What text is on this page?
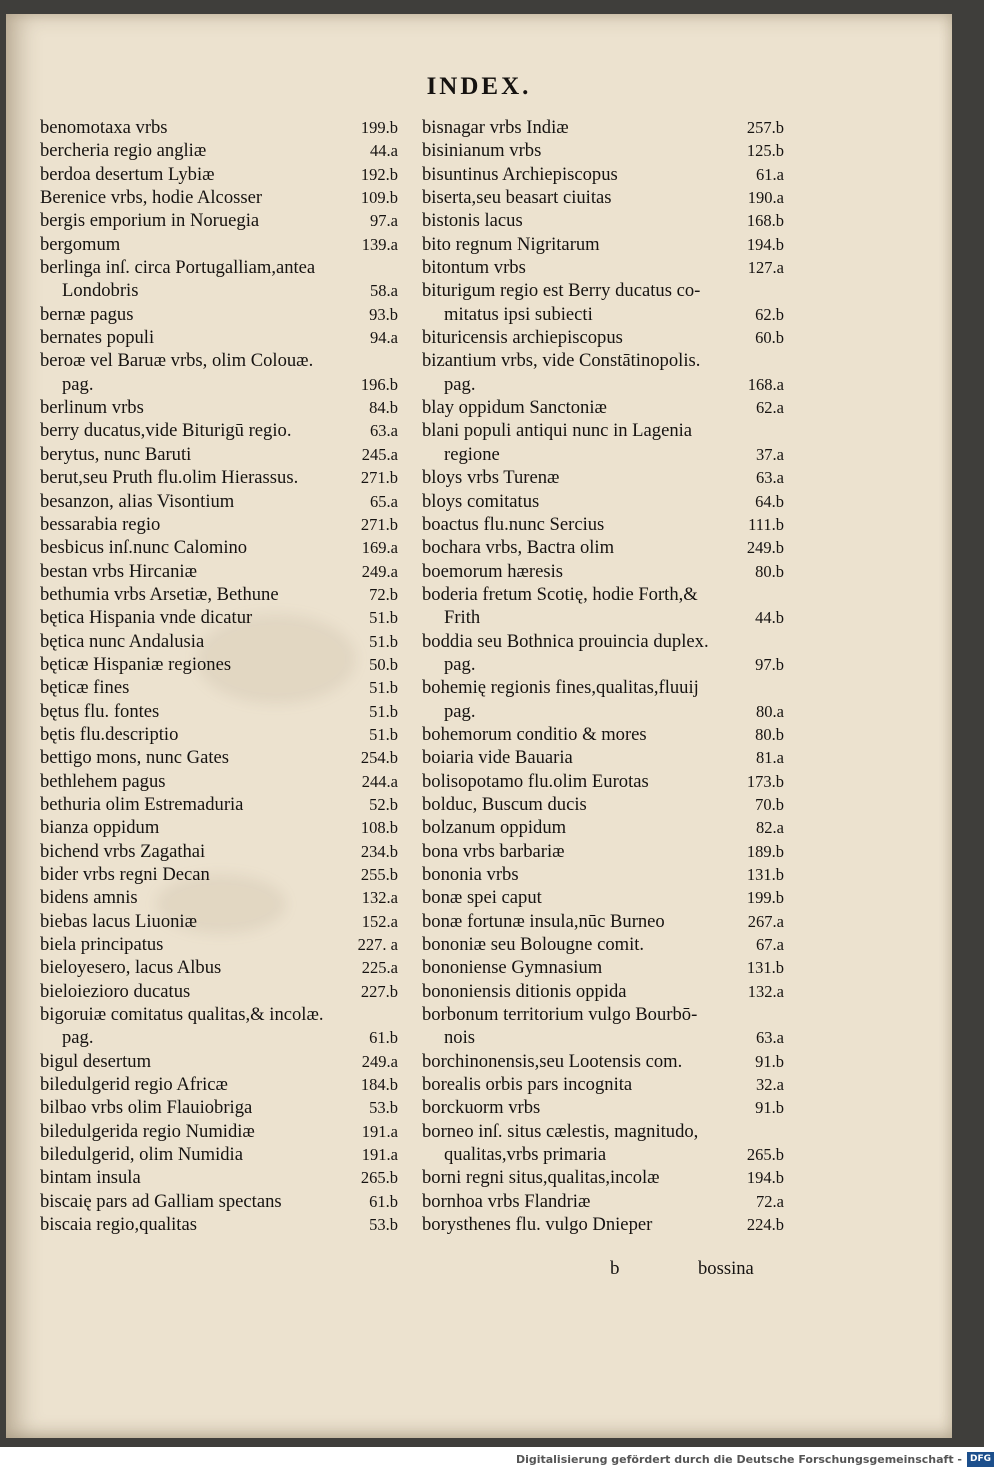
INDEX.
benomotaxa vrbs	199.b
bercheria regio angliæ	44.a
berdoa desertum Lybiæ	192.b
Berenice vrbs, hodie Alcosser	109.b
bergis emporium in Noruegia	97.a
bergomum	139.a
berlinga inſ. circa Portugalliam,antea
Londobris	58.a
bernæ pagus	93.b
bernates populi	94.a
beroæ vel Baruæ vrbs, olim Colouæ.
pag.	196.b
berlinum vrbs	84.b
berry ducatus,vide Biturigū regio.	63.a
berytus, nunc Baruti	245.a
berut,seu Pruth flu.olim Hierassus.	271.b
besanzon, alias Visontium	65.a
bessarabia regio	271.b
besbicus inſ.nunc Calomino	169.a
bestan vrbs Hircaniæ	249.a
bethumia vrbs Arsetiæ, Bethune	72.b
bętica Hispania vnde dicatur	51.b
bętica nunc Andalusia	51.b
bęticæ Hispaniæ regiones	50.b
bęticæ fines	51.b
bętus flu. fontes	51.b
bętis flu.descriptio	51.b
bettigo mons, nunc Gates	254.b
bethlehem pagus	244.a
bethuria olim Estremaduria	52.b
bianza oppidum	108.b
bichend vrbs Zagathai	234.b
bider vrbs regni Decan	255.b
bidens amnis	132.a
biebas lacus Liuoniæ	152.a
biela principatus	227. a
bieloyesero, lacus Albus	225.a
bieloiezioro ducatus	227.b
bigoruiæ comitatus qualitas,& incolæ.
pag.	61.b
bigul desertum	249.a
biledulgerid regio Africæ	184.b
bilbao vrbs olim Flauiobriga	53.b
biledulgerida regio Numidiæ	191.a
biledulgerid, olim Numidia	191.a
bintam insula	265.b
biscaię pars ad Galliam spectans	61.b
biscaia regio,qualitas	53.b
bisnagar vrbs Indiæ	257.b
bisinianum vrbs	125.b
bisuntinus Archiepiscopus	61.a
biserta,seu beasart ciuitas	190.a
bistonis lacus	168.b
bito regnum Nigritarum	194.b
bitontum vrbs	127.a
biturigum regio est Berry ducatus co-
mitatus ipsi subiecti	62.b
bituricensis archiepiscopus	60.b
bizantium vrbs, vide Constātinopolis.
pag.	168.a
blay oppidum Sanctoniæ	62.a
blani populi antiqui nunc in Lagenia
regione	37.a
bloys vrbs Turenæ	63.a
bloys comitatus	64.b
boactus flu.nunc Sercius	111.b
bochara vrbs, Bactra olim	249.b
boemorum hæresis	80.b
boderia fretum Scotię, hodie Forth,&
Frith	44.b
boddia seu Bothnica prouincia duplex.
pag.	97.b
bohemię regionis fines,qualitas,fluuij
pag.	80.a
bohemorum conditio & mores	80.b
boiaria vide Bauaria	81.a
bolisopotamo flu.olim Eurotas	173.b
bolduc, Buscum ducis	70.b
bolzanum oppidum	82.a
bona vrbs barbariæ	189.b
bononia vrbs	131.b
bonæ spei caput	199.b
bonæ fortunæ insula,nūc Burneo	267.a
bononiæ seu Bolougne comit.	67.a
bononiense Gymnasium	131.b
bononiensis ditionis oppida	132.a
borbonum territorium vulgo Bourbō-
nois	63.a
borchinonensis,seu Lootensis com.	91.b
borealis orbis pars incognita	32.a
borckuorm vrbs	91.b
borneo inſ. situs cælestis, magnitudo,
qualitas,vrbs primaria	265.b
borni regni situs,qualitas,incolæ	194.b
bornhoa vrbs Flandriæ	72.a
borysthenes flu. vulgo Dnieper	224.b
b	bossina
Digitalisierung gefördert durch die Deutsche Forschungsgemeinschaft - DFG
